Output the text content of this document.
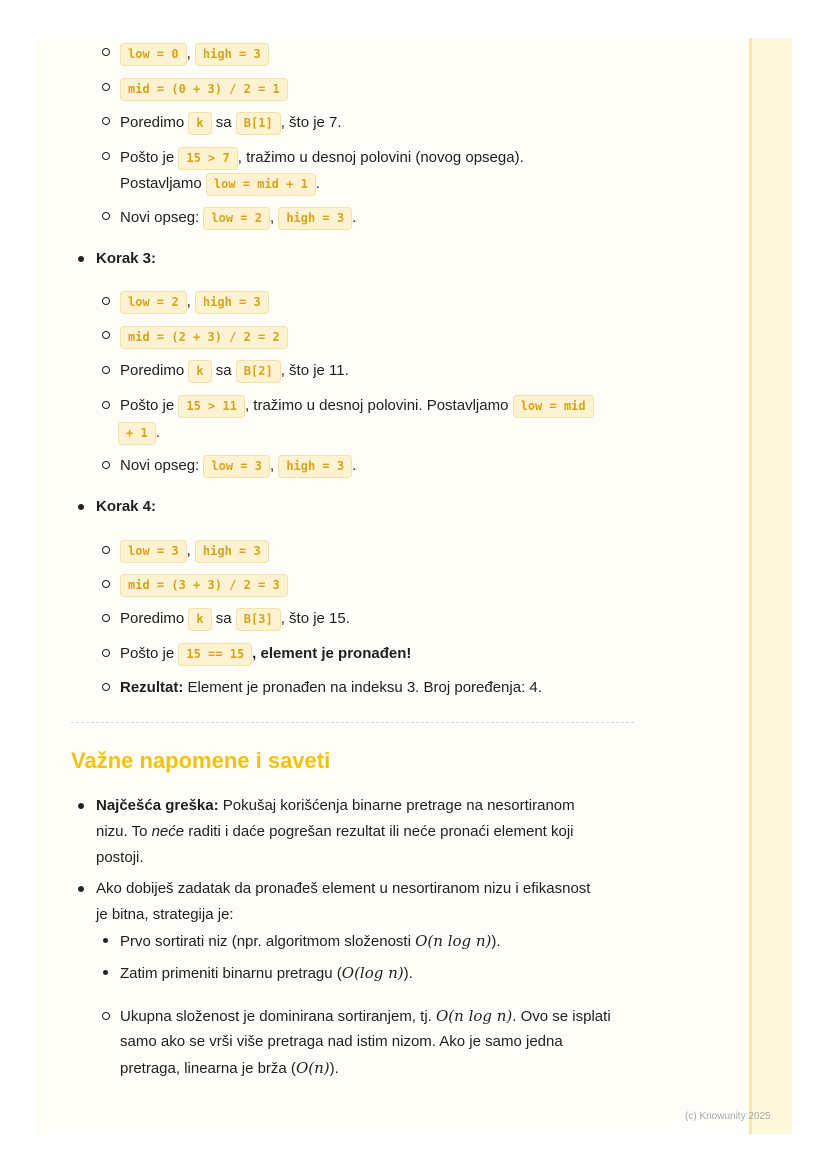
low = 0 , high = 3
mid = (0 + 3) / 2 = 1
Poredimo k sa B[1] , što je 7.
Pošto je 15 > 7 , tražimo u desnoj polovini (novog opsega).
Postavljamo low = mid + 1 .
Novi opseg: low = 2 , high = 3 .
Korak 3:
low = 2 , high = 3
mid = (2 + 3) / 2 = 2
Poredimo k sa B[2] , što je 11.
Pošto je 15 > 11 , tražimo u desnoj polovini. Postavljamo low = mid
+ 1 .
Novi opseg: low = 3 , high = 3 .
Korak 4:
low = 3 , high = 3
mid = (3 + 3) / 2 = 3
Poredimo k sa B[3] , što je 15.
Pošto je 15 == 15 , element je pronađen!
Rezultat: Element je pronađen na indeksu 3. Broj poređenja: 4.
Važne napomene i saveti
Najčešća greška: Pokušaj korišćenja binarne pretrage na nesortiranom
nizu. To neće raditi i daće pogrešan rezultat ili neće pronaći element koji
postoji.
Ako dobiješ zadatak da pronađeš element u nesortiranom nizu i efikasnost
je bitna, strategija je:
Prvo sortirati niz (npr. algoritmom složenosti O(n log n)).
Zatim primeniti binarnu pretragu (O(log n)).
Ukupna složenost je dominirana sortiranjem, tj. O(n log n). Ovo se isplati
samo ako se vrši više pretraga nad istim nizom. Ako je samo jedna
pretraga, linearna je brža (O(n)).
(c) Knowunity 2025
